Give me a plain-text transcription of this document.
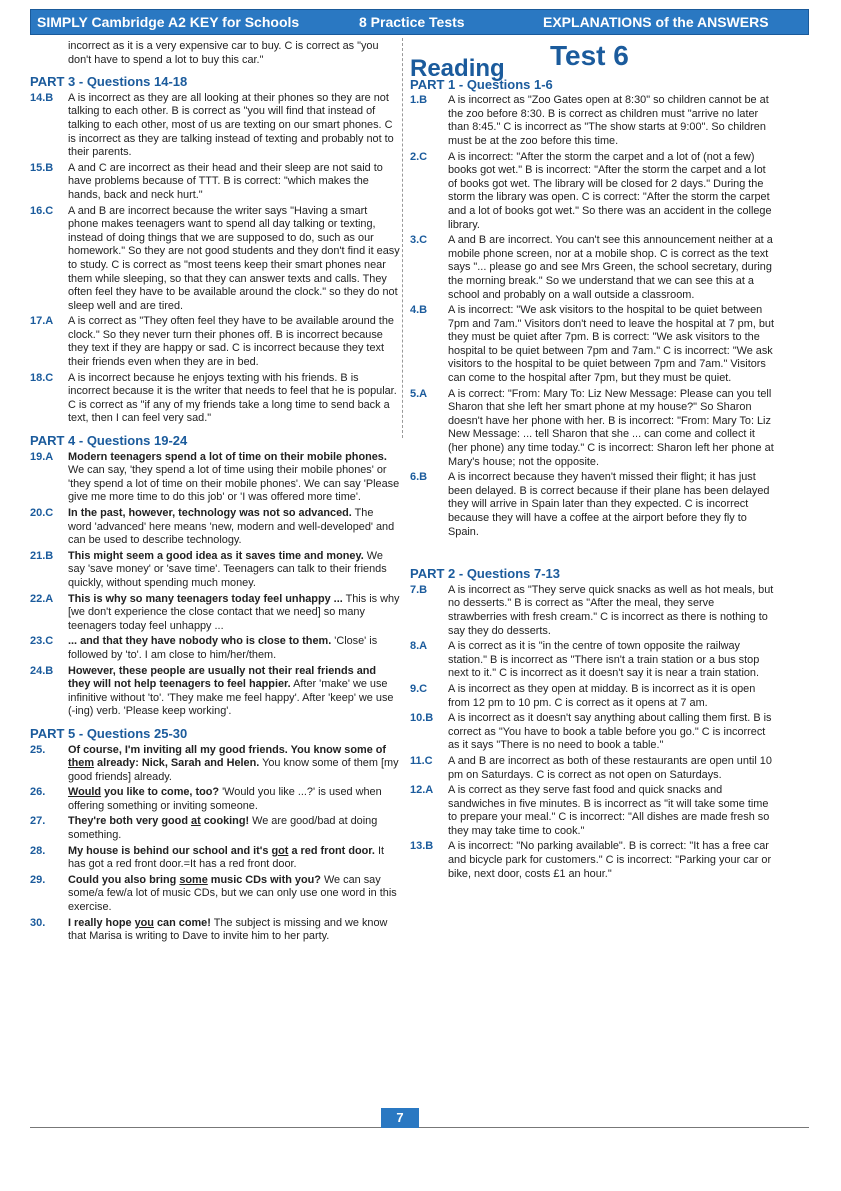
SIMPLY Cambridge A2 KEY for Schools	8 Practice Tests	EXPLANATIONS of the ANSWERS
Test 6
incorrect as it is a very expensive car to buy. C is correct as "you don't have to spend a lot to buy this car."
PART 3 - Questions 14-18
14.B	A is incorrect as they are all looking at their phones so they are not talking to each other. B is correct as "you will find that instead of talking to each other, most of us are texting on our smart phones. C is incorrect as they are talking instead of texting and probably not to their parents.
15.B	A and C are incorrect as their head and their sleep are not said to have problems because of TTT. B is correct: "which makes the hands, back and neck hurt."
16.C	A and B are incorrect because the writer says "Having a smart phone makes teenagers want to spend all day talking or texting, instead of doing things that we are supposed to do, such as our homework." So they are not good students and they don't find it easy to study. C is correct as "most teens keep their smart phones near them while sleeping, so that they can answer texts and calls. They often feel they have to be available around the clock." so they do not sleep well and are tired.
17.A	A is correct as "They often feel they have to be available around the clock." So they never turn their phones off. B is incorrect because they text if they are happy or sad. C is incorrect because they text their friends even when they are in bed.
18.C	A is incorrect because he enjoys texting with his friends. B is incorrect because it is the writer that needs to feel that he is popular. C is correct as "if any of my friends take a long time to send back a text, then I can feel very sad."
PART 4 - Questions 19-24
19.A	Modern teenagers spend a lot of time on their mobile phones. We can say, 'they spend a lot of time using their mobile phones' or 'they spend a lot of time on their mobile phones'. We can say 'Please give me more time to do this job' or 'I was offered more time'.
20.C	In the past, however, technology was not so advanced. The word 'advanced' here means 'new, modern and well-developed' and can be used to describe technology.
21.B	This might seem a good idea as it saves time and money. We say 'save money' or 'save time'. Teenagers can talk to their friends quickly, without spending much money.
22.A	This is why so many teenagers today feel unhappy ... This is why [we don't experience the close contact that we need] so many teenagers today feel unhappy ...
23.C	... and that they have nobody who is close to them. 'Close' is followed by 'to'. I am close to him/her/them.
24.B	However, these people are usually not their real friends and they will not help teenagers to feel happier. After 'make' we use infinitive without 'to'. 'They make me feel happy'. After 'keep' we use (-ing) verb. 'Please keep working'.
PART 5 - Questions 25-30
25.	Of course, I'm inviting all my good friends. You know some of them already: Nick, Sarah and Helen. You know some of them [my good friends] already.
26.	Would you like to come, too? 'Would you like ...?' is used when offering something or inviting someone.
27.	They're both very good at cooking! We are good/bad at doing something.
28.	My house is behind our school and it's got a red front door. It has got a red front door.=It has a red front door.
29.	Could you also bring some music CDs with you? We can say some/a few/a lot of music CDs, but we can only use one word in this exercise.
30.	I really hope you can come! The subject is missing and we know that Marisa is writing to Dave to invite him to her party.
Reading
PART 1 - Questions 1-6
1.B	A is incorrect as "Zoo Gates open at 8:30" so children cannot be at the zoo before 8:30. B is correct as children must "arrive no later than 8:45." C is incorrect as "The show starts at 9:00". So children must be at the zoo before this time.
2.C	A is incorrect: "After the storm the carpet and a lot of (not a few) books got wet." B is incorrect: "After the storm the carpet and a lot of books got wet. The library will be closed for 2 days." During the storm the library was open. C is correct: "After the storm the carpet and a lot of books got wet." So there was an accident in the college library.
3.C	A and B are incorrect. You can't see this announcement neither at a mobile phone screen, nor at a mobile shop. C is correct as the text says "... please go and see Mrs Green, the school secretary, during the morning break." So we understand that we can see this at a school and probably on a wall outside a classroom.
4.B	A is incorrect: "We ask visitors to the hospital to be quiet between 7pm and 7am." Visitors don't need to leave the hospital at 7 pm, but they must be quiet after 7pm. B is correct: "We ask visitors to the hospital to be quiet between 7pm and 7am." C is incorrect: "We ask visitors to the hospital to be quiet between 7pm and 7am." Visitors can come to the hospital after 7pm, but they must be quiet.
5.A	A is correct: "From: Mary To: Liz New Message: Please can you tell Sharon that she left her smart phone at my house?" So Sharon doesn't have her phone with her. B is incorrect: "From: Mary To: Liz New Message: ... tell Sharon that she ... can come and collect it (her phone) any time today." C is incorrect: Sharon left her phone at Mary's house; not the opposite.
6.B	A is incorrect because they haven't missed their flight; it has just been delayed. B is correct because if their plane has been delayed they will arrive in Spain later than they expected. C is incorrect because they will have a coffee at the airport before they fly to Spain.
PART 2 - Questions 7-13
7.B	A is incorrect as "They serve quick snacks as well as hot meals, but no desserts." B is correct as "After the meal, they serve strawberries with fresh cream." C is incorrect as there is nothing to say they do desserts.
8.A	A is correct as it is "in the centre of town opposite the railway station." B is incorrect as "There isn't a train station or a bus stop next to it." C is incorrect as it doesn't say it is near a train station.
9.C	A is incorrect as they open at midday. B is incorrect as it is open from 12 pm to 10 pm. C is correct as it opens at 7 am.
10.B	A is incorrect as it doesn't say anything about calling them first. B is correct as "You have to book a table before you go." C is incorrect as it says "There is no need to book a table."
11.C	A and B are incorrect as both of these restaurants are open until 10 pm on Saturdays. C is correct as not open on Saturdays.
12.A	A is correct as they serve fast food and quick snacks and sandwiches in five minutes. B is incorrect as "it will take some time to prepare your meal." C is incorrect: "All dishes are made fresh so they may take time to cook."
13.B	A is incorrect: "No parking available". B is correct: "It has a free car and bicycle park for customers." C is incorrect: "Parking your car or bike, next door, costs £1 an hour."
7
